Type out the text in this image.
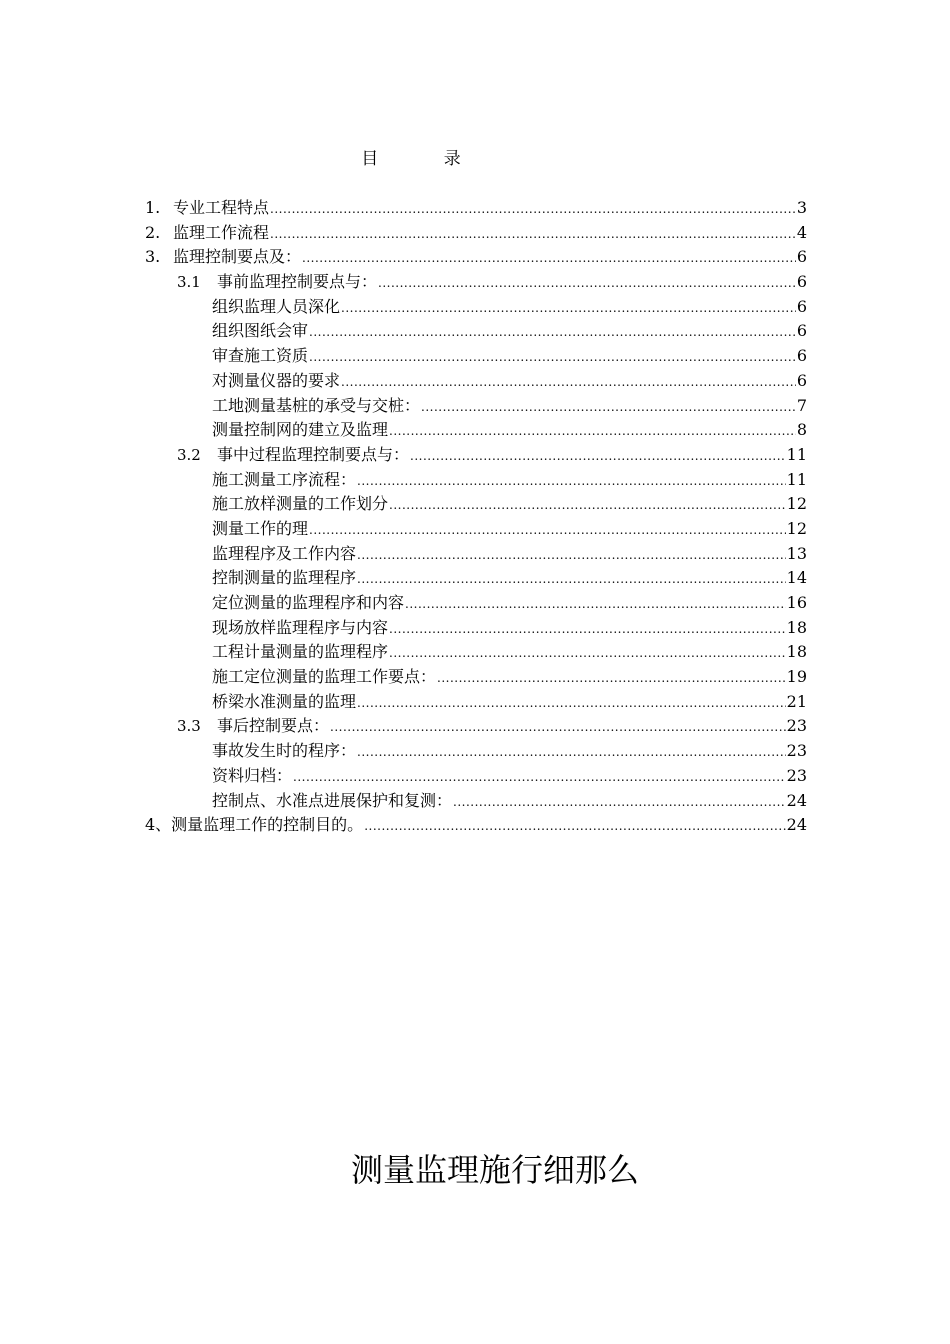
目 录
1. 专业工程特点 .....	3
2. 监理工作流程 .....	4
3. 监理控制要点及： .....	6
3.1	事前监理控制要点与： .....	6
组织监理人员深化 .....	6
组织图纸会审 .....	6
审查施工资质 .....	6
对测量仪器的要求 .....	6
工地测量基桩的承受与交桩： .....	7
测量控制网的建立及监理 .....	8
3.2	事中过程监理控制要点与： .....	11
施工测量工序流程： .....	11
施工放样测量的工作划分 .....	12
测量工作的理 .....	12
监理程序及工作内容 .....	13
控制测量的监理程序 .....	14
定位测量的监理程序和内容 .....	16
现场放样监理程序与内容 .....	18
工程计量测量的监理程序 .....	18
施工定位测量的监理工作要点： .....	19
桥梁水准测量的监理 .....	21
3.3	事后控制要点： .....	23
事故发生时的程序： .....	23
资料归档： .....	23
控制点、水准点进展保护和复测： .....	24
4、测量监理工作的控制目的。 .....	24
测量监理施行细那么
